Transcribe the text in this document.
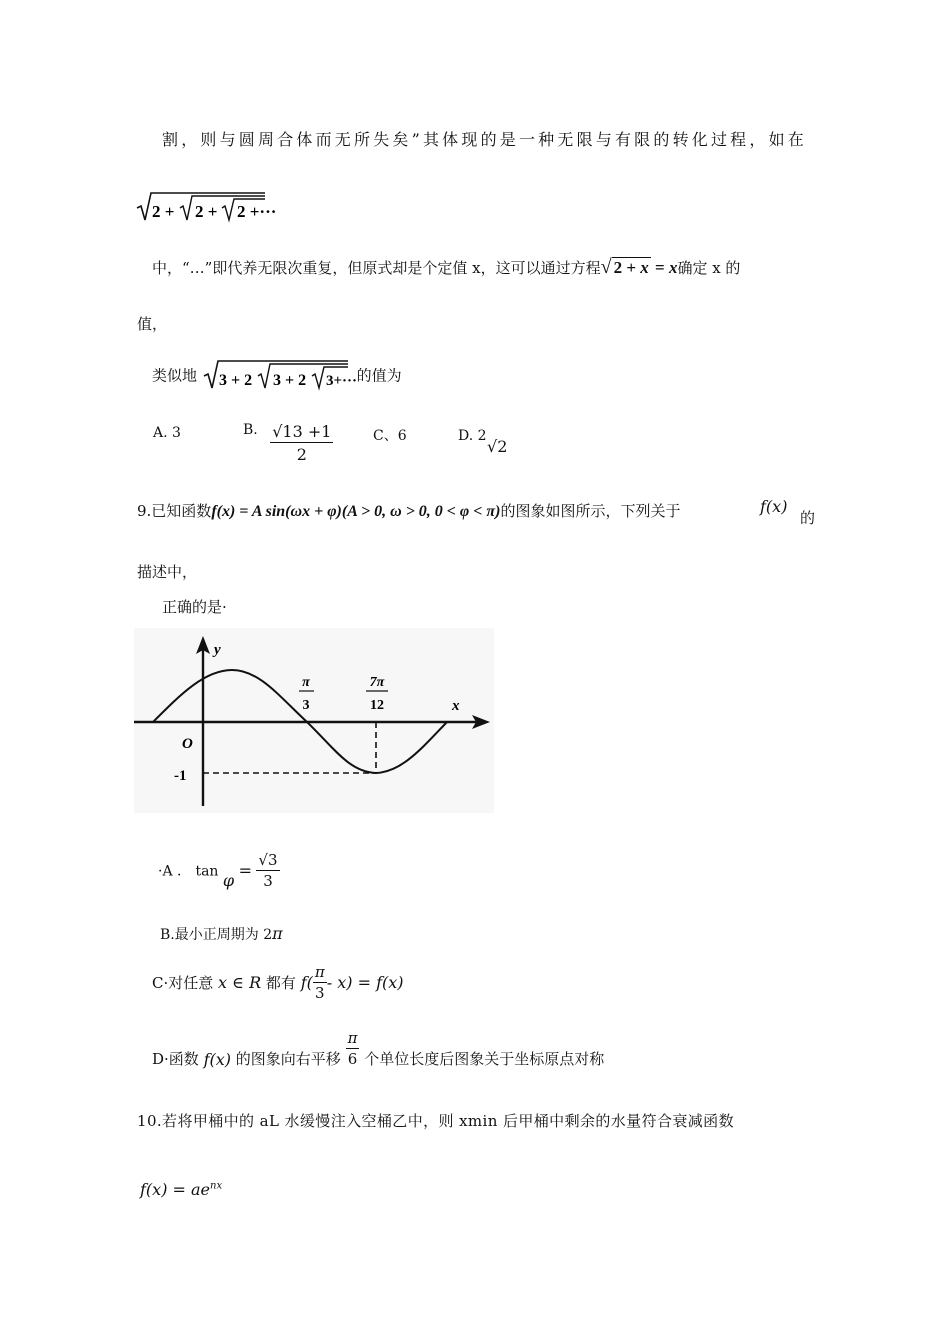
割，则与圆周合体而无所失矣”其体现的是一种无限与有限的转化过程，如在
2 + 2 + 2 +···
中，“…”即代养无限次重复，但原式却是个定值 x，这可以通过方程√ 2 + x = x确定 x 的
值，
类似地 3 + 2 3 + 2 3+··· 的值为
A. 3	B. $\frac{√13 +1}{2}$	C、6	D. 2 √2
9.已知函数f(x) = A sin(ωx + φ)(A > 0, ω > 0, 0 < φ < π)的图象如图所示，下列关于	f(x)
的
描述中，
正确的是·
y
x
O
-1
π
3
7π
12
·A ． $\tan \varphi = \frac{√3}{3}$
B.最小正周期为 2π
C·对任意 x ∈ R 都有 $f( \frac{\pi}{3} - x) = f(x)$
D·函数 f(x) 的图象向右平移 $\frac{\pi}{6}$ 个单位长度后图象关于坐标原点对称
10.若将甲桶中的 aL 水缓慢注入空桶乙中，则 xmin 后甲桶中剩余的水量符合衰减函数
$f(x) = ae^{nx}$
